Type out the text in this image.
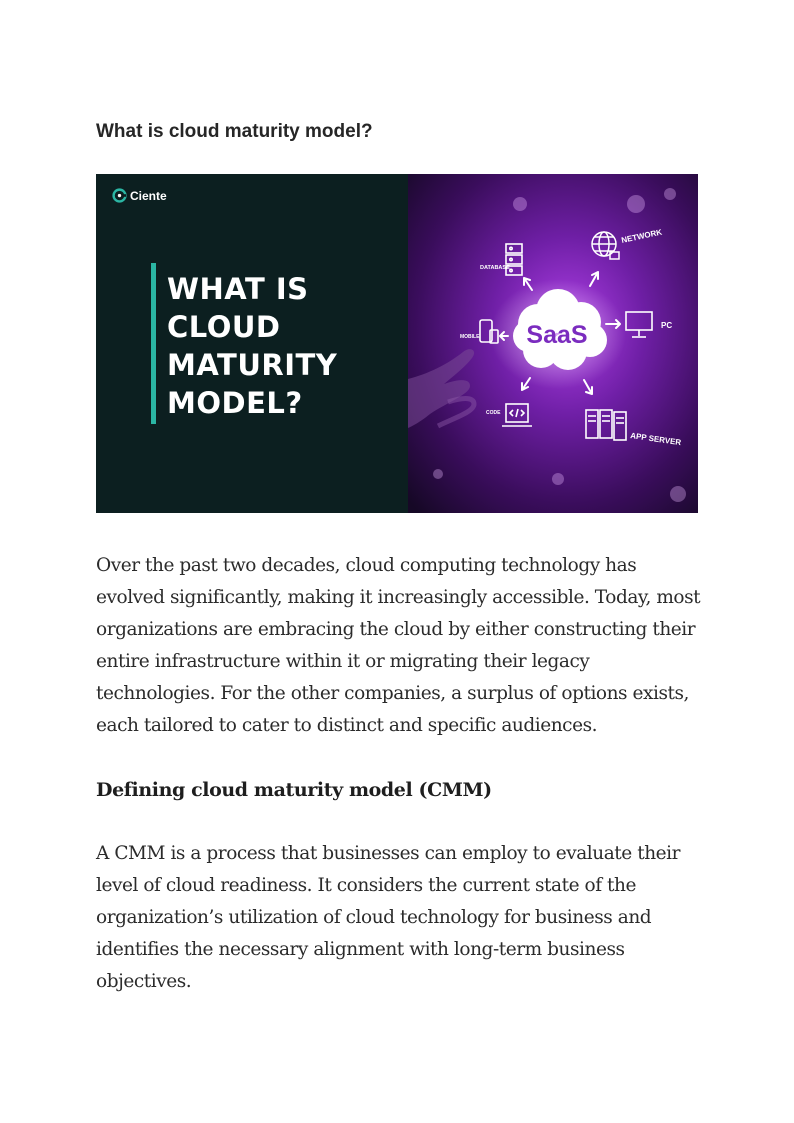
What is cloud maturity model?
Ciente
WHAT IS
CLOUD
MATURITY
MODEL?
SaaS
DATABASE
NETWORK
MOBILE
PC
CODE
APP SERVER

Over the past two decades, cloud computing technology has evolved significantly, making it increasingly accessible. Today, most organizations are embracing the cloud by either constructing their entire infrastructure within it or migrating their legacy technologies. For the other companies, a surplus of options exists, each tailored to cater to distinct and specific audiences.

Defining cloud maturity model (CMM)

A CMM is a process that businesses can employ to evaluate their level of cloud readiness. It considers the current state of the organization’s utilization of cloud technology for business and identifies the necessary alignment with long-term business objectives.
